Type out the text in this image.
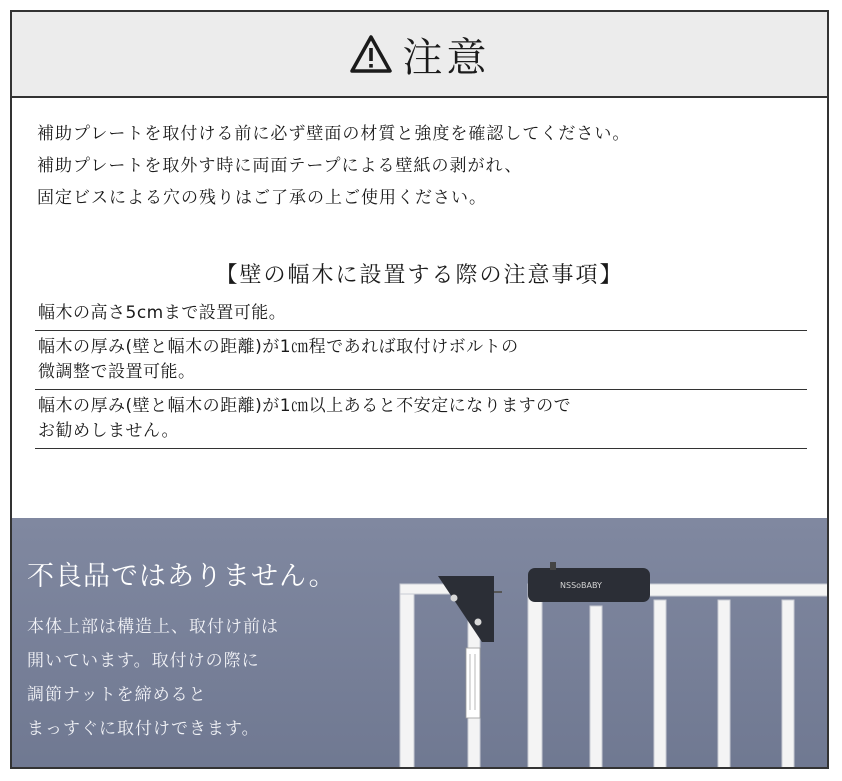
注意
補助プレートを取付ける前に必ず壁面の材質と強度を確認してください。
補助プレートを取外す時に両面テープによる壁紙の剥がれ、
固定ビスによる穴の残りはご了承の上ご使用ください。
【壁の幅木に設置する際の注意事項】
幅木の高さ5cmまで設置可能。
幅木の厚み(壁と幅木の距離)が1㎝程であれば取付けボルトの
微調整で設置可能。
幅木の厚み(壁と幅木の距離)が1㎝以上あると不安定になりますので
お勧めしません。
不良品ではありません。
本体上部は構造上、取付け前は
開いています。取付けの際に
調節ナットを締めると
まっすぐに取付けできます。
NSSoBABY
